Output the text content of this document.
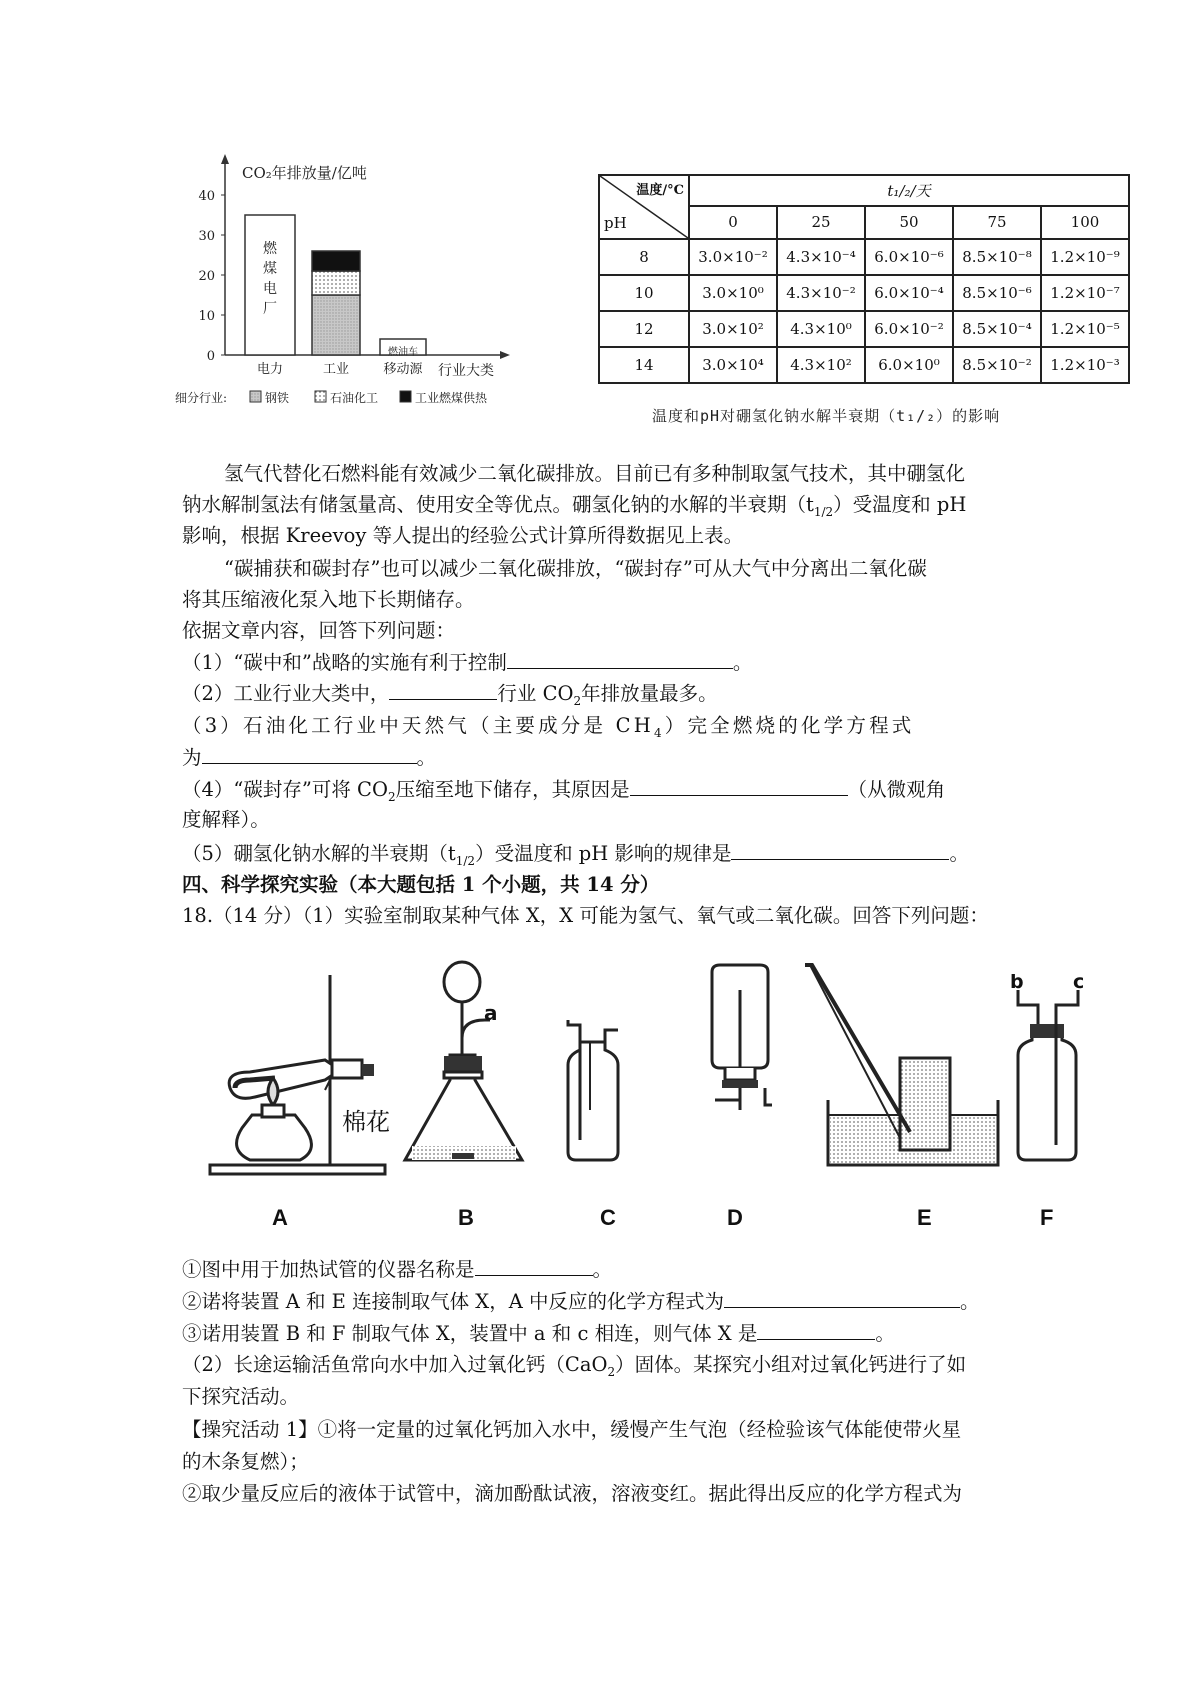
CO₂年排放量/亿吨
0
10
20
30
40
燃
煤
电
厂
电力	工业
燃油车
移动源 行业大类
细分行业:	钢铁	石油化工	工业燃煤供热
温度/°C
pH	t₁/₂/天				
	0	25	50	75	100
8	3.0×10⁻²	4.3×10⁻⁴	6.0×10⁻⁶	8.5×10⁻⁸	1.2×10⁻⁹
10	3.0×10⁰	4.3×10⁻²	6.0×10⁻⁴	8.5×10⁻⁶	1.2×10⁻⁷
12	3.0×10²	4.3×10⁰	6.0×10⁻²	8.5×10⁻⁴	1.2×10⁻⁵
14	3.0×10⁴	4.3×10²	6.0×10⁰	8.5×10⁻²	1.2×10⁻³
温度和pH对硼氢化钠水解半衰期（t₁/₂）的影响
氢气代替化石燃料能有效减少二氧化碳排放。目前已有多种制取氢气技术，其中硼氢化
钠水解制氢法有储氢量高、使用安全等优点。硼氢化钠的水解的半衰期$(t_{1/2})$受温度和 pH
影响，根据 Kreevoy 等人提出的经验公式计算所得数据见上表。
“碳捕获和碳封存”也可以减少二氧化碳排放，“碳封存”可从大气中分离出二氧化碳
将其压缩液化泵入地下长期储存。
依据文章内容，回答下列问题：
（1）“碳中和”战略的实施有利于控制	。
（2）工业行业大类中，	行业 $CO_2$年排放量最多。
（3）石油化工行业中天然气（主要成分是 $CH_4$）完全燃烧的化学方程式
为	。
（4）“碳封存”可将 $CO_2$压缩至地下储存，其原因是	（从微观角
度解释）。
（5）硼氢化钠水解的半衰期$(t_{1/2})$受温度和 pH 影响的规律是	。
四、科学探究实验（本大题包括 1 个小题，共 14 分）
18.（14 分）（1）实验室制取某种气体 X，X 可能为氢气、氧气或二氧化碳。回答下列问题：
棉花
a
b	c
A	B	C	D	E	F
①图中用于加热试管的仪器名称是	。
②诺将装置 A 和 E 连接制取气体 X，A 中反应的化学方程式为	。
③诺用装置 B 和 F 制取气体 X，装置中 a 和 c 相连，则气体 X 是	。
（2）长途运输活鱼常向水中加入过氧化钙（CaO$_2$）固体。某探究小组对过氧化钙进行了如
下探究活动。
【操究活动 1】①将一定量的过氧化钙加入水中，缓慢产生气泡（经检验该气体能使带火星
的木条复燃）；
②取少量反应后的液体于试管中，滴加酚酞试液，溶液变红。据此得出反应的化学方程式为
